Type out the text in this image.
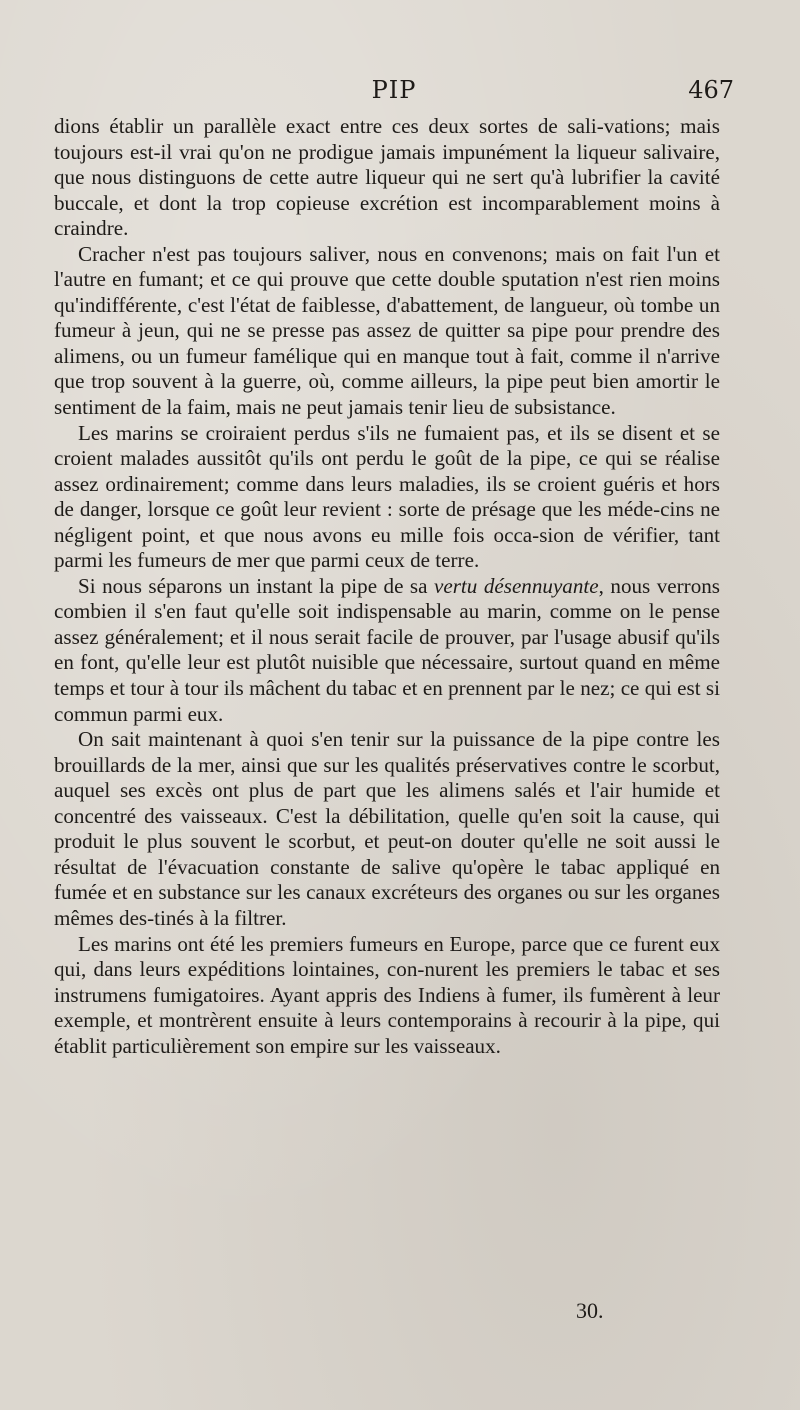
PIP	467

dions établir un parallèle exact entre ces deux sortes de sali-vations; mais toujours est-il vrai qu'on ne prodigue jamais impunément la liqueur salivaire, que nous distinguons de cette autre liqueur qui ne sert qu'à lubrifier la cavité buccale, et dont la trop copieuse excrétion est incomparablement moins à craindre.

Cracher n'est pas toujours saliver, nous en convenons; mais on fait l'un et l'autre en fumant; et ce qui prouve que cette double sputation n'est rien moins qu'indifférente, c'est l'état de faiblesse, d'abattement, de langueur, où tombe un fumeur à jeun, qui ne se presse pas assez de quitter sa pipe pour prendre des alimens, ou un fumeur famélique qui en manque tout à fait, comme il n'arrive que trop souvent à la guerre, où, comme ailleurs, la pipe peut bien amortir le sentiment de la faim, mais ne peut jamais tenir lieu de subsistance.

Les marins se croiraient perdus s'ils ne fumaient pas, et ils se disent et se croient malades aussitôt qu'ils ont perdu le goût de la pipe, ce qui se réalise assez ordinairement; comme dans leurs maladies, ils se croient guéris et hors de danger, lorsque ce goût leur revient : sorte de présage que les méde-cins ne négligent point, et que nous avons eu mille fois occa-sion de vérifier, tant parmi les fumeurs de mer que parmi ceux de terre.

Si nous séparons un instant la pipe de sa vertu désennuyante, nous verrons combien il s'en faut qu'elle soit indispensable au marin, comme on le pense assez généralement; et il nous serait facile de prouver, par l'usage abusif qu'ils en font, qu'elle leur est plutôt nuisible que nécessaire, surtout quand en même temps et tour à tour ils mâchent du tabac et en prennent par le nez; ce qui est si commun parmi eux.

On sait maintenant à quoi s'en tenir sur la puissance de la pipe contre les brouillards de la mer, ainsi que sur les qualités préservatives contre le scorbut, auquel ses excès ont plus de part que les alimens salés et l'air humide et concentré des vaisseaux. C'est la débilitation, quelle qu'en soit la cause, qui produit le plus souvent le scorbut, et peut-on douter qu'elle ne soit aussi le résultat de l'évacuation constante de salive qu'opère le tabac appliqué en fumée et en substance sur les canaux excréteurs des organes ou sur les organes mêmes des-tinés à la filtrer.

Les marins ont été les premiers fumeurs en Europe, parce que ce furent eux qui, dans leurs expéditions lointaines, con-nurent les premiers le tabac et ses instrumens fumigatoires. Ayant appris des Indiens à fumer, ils fumèrent à leur exemple, et montrèrent ensuite à leurs contemporains à recourir à la pipe, qui établit particulièrement son empire sur les vaisseaux.

30.
